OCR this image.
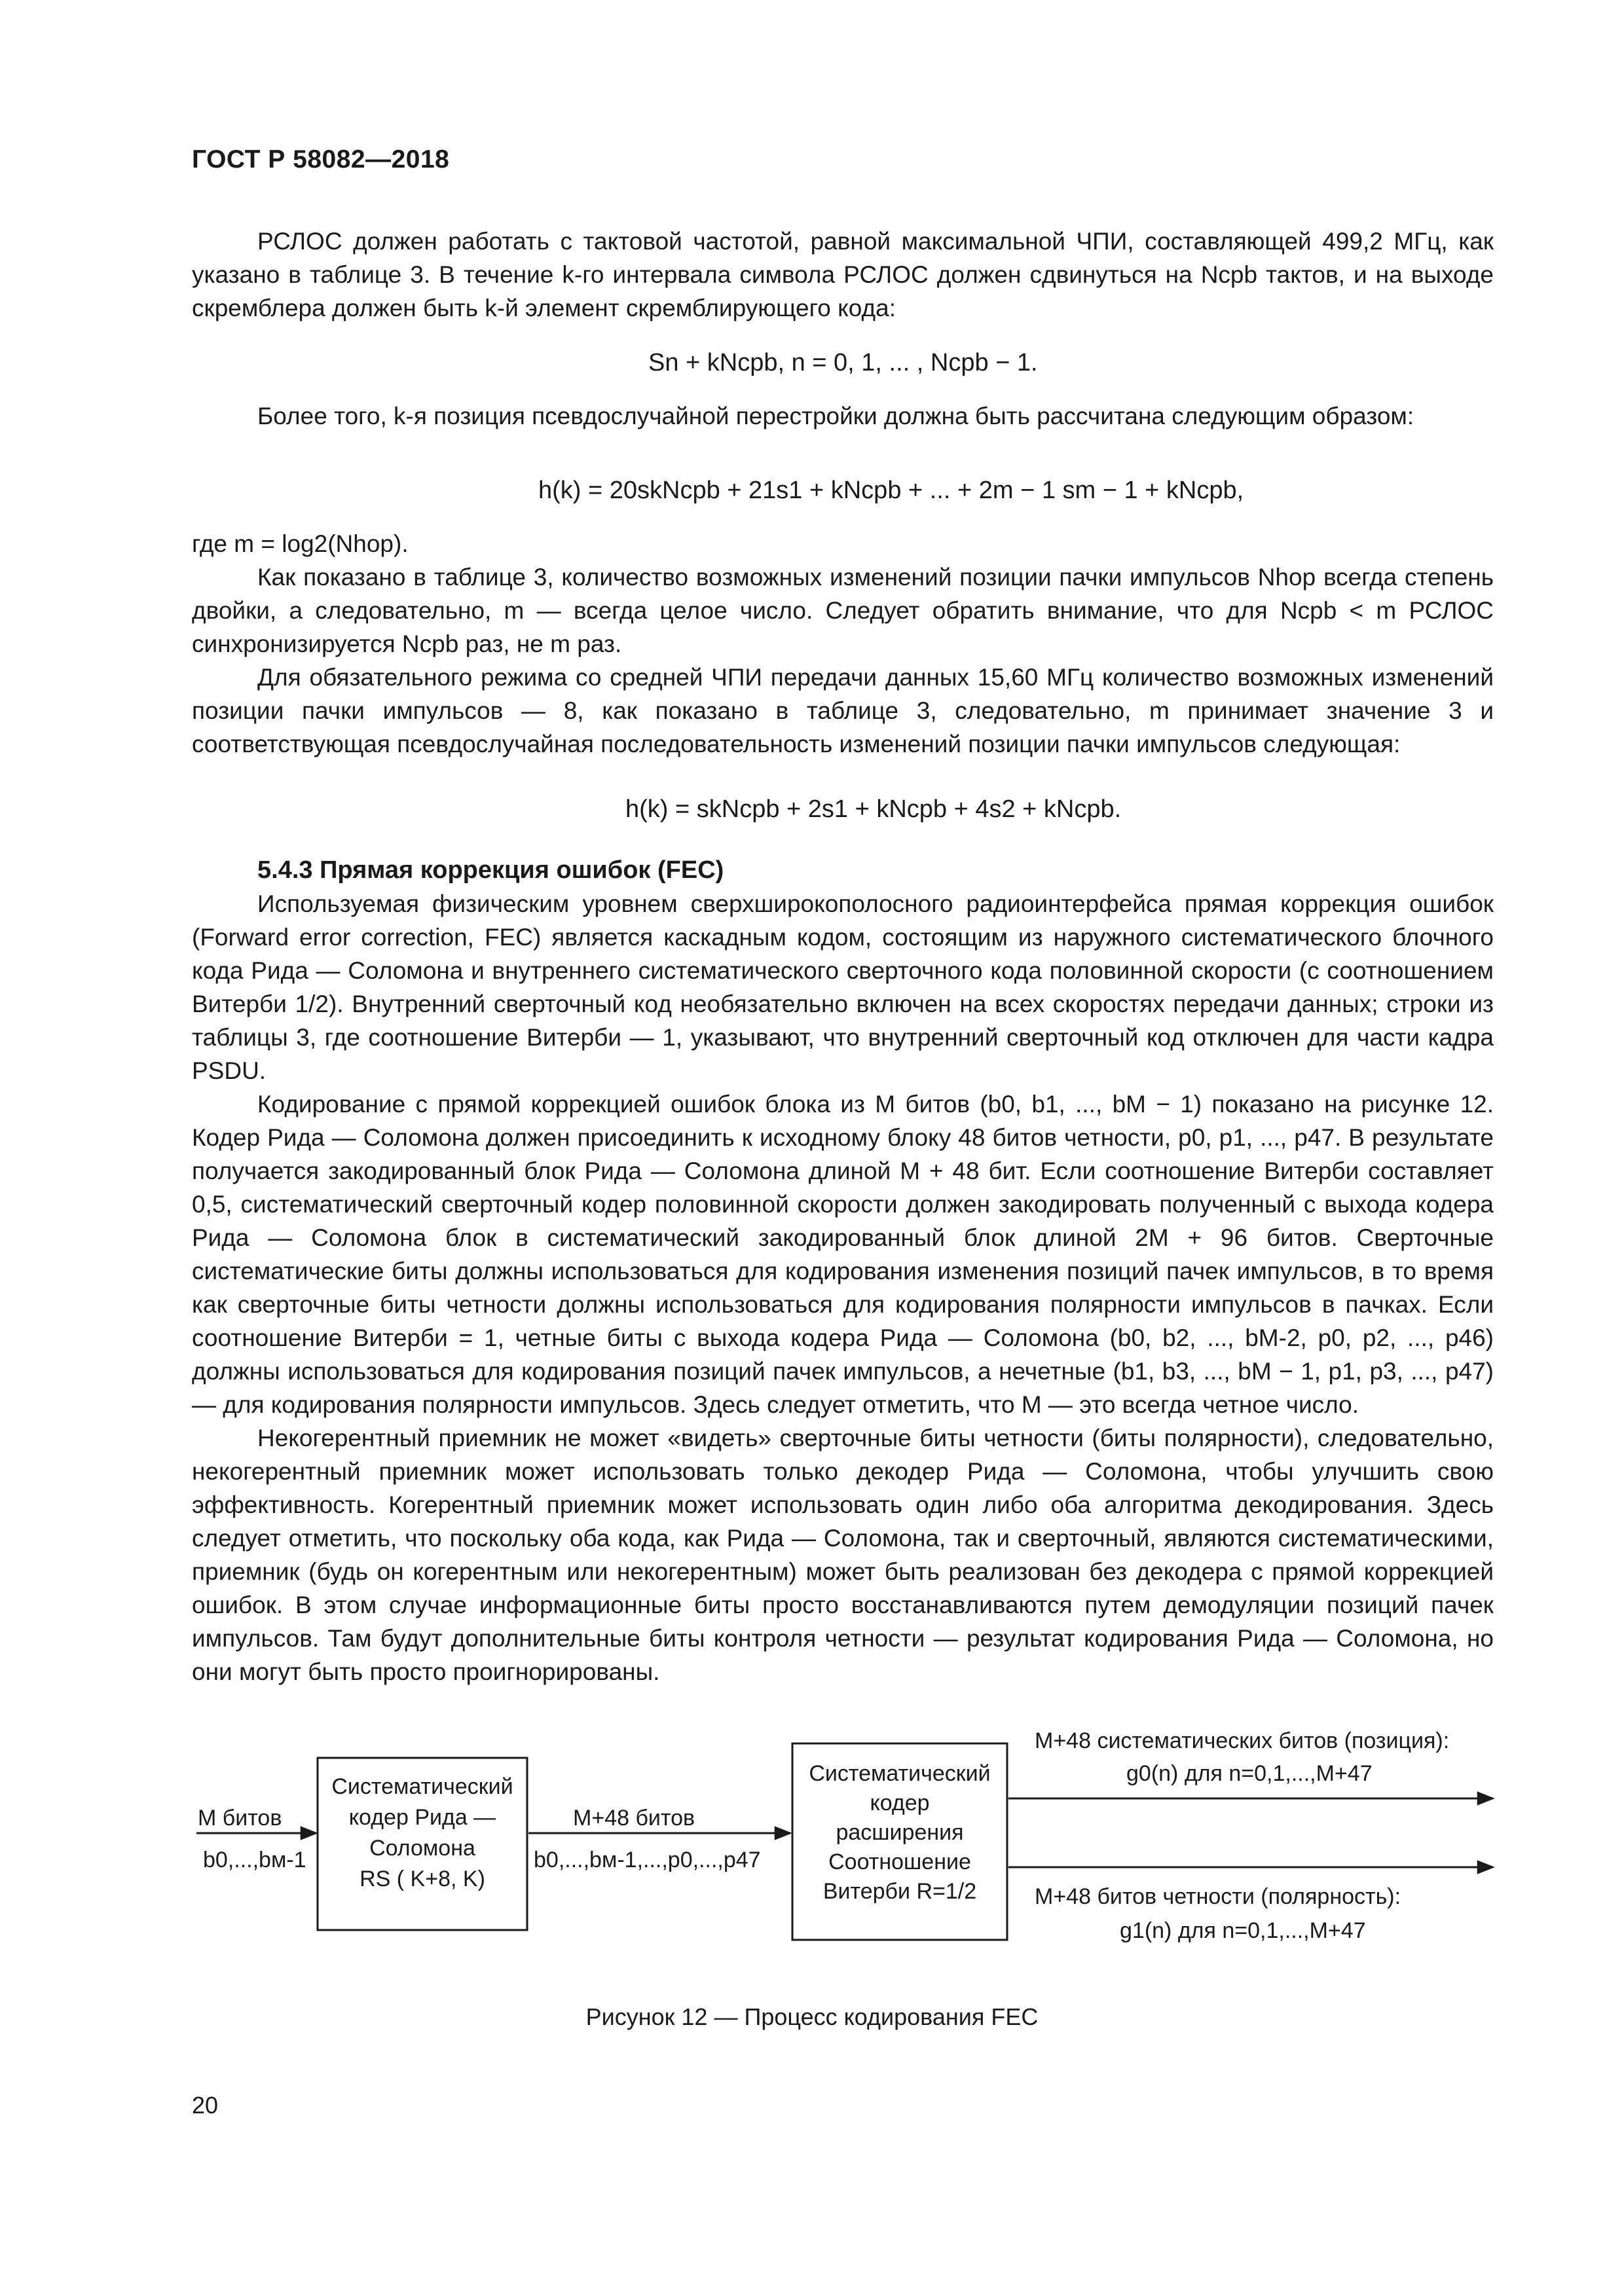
ГОСТ Р 58082—2018

РСЛОС должен работать с тактовой частотой, равной максимальной ЧПИ, составляющей 499,2 МГц, как указано в таблице 3. В течение k-го интервала символа РСЛОС должен сдвинуться на Ncpb тактов, и на выходе скремблера должен быть k-й элемент скремблирующего кода:

Sn + kNcpb, n = 0, 1, ... , Ncpb − 1.

Более того, k-я позиция псевдослучайной перестройки должна быть рассчитана следующим образом:

h(k) = 20skNcpb + 21s1 + kNcpb + ... + 2m − 1 sm − 1 + kNcpb,

где m = log2(Nhop).

Как показано в таблице 3, количество возможных изменений позиции пачки импульсов Nhop всегда степень двойки, а следовательно, m — всегда целое число. Следует обратить внимание, что для Ncpb < m РСЛОС синхронизируется Ncpb раз, не m раз.

Для обязательного режима со средней ЧПИ передачи данных 15,60 МГц количество возможных изменений позиции пачки импульсов — 8, как показано в таблице 3, следовательно, m принимает значение 3 и соответствующая псевдослучайная последовательность изменений позиции пачки импульсов следующая:

h(k) = skNcpb + 2s1 + kNcpb + 4s2 + kNcpb.
5.4.3 Прямая коррекция ошибок (FEC)

Используемая физическим уровнем сверхширокополосного радиоинтерфейса прямая коррекция ошибок (Forward error correction, FEC) является каскадным кодом, состоящим из наружного систематического блочного кода Рида — Соломона и внутреннего систематического сверточного кода половинной скорости (с соотношением Витерби 1/2). Внутренний сверточный код необязательно включен на всех скоростях передачи данных; строки из таблицы 3, где соотношение Витерби — 1, указывают, что внутренний сверточный код отключен для части кадра PSDU.

Кодирование с прямой коррекцией ошибок блока из M битов (b0, b1, ..., bM − 1) показано на рисунке 12. Кодер Рида — Соломона должен присоединить к исходному блоку 48 битов четности, p0, p1, ..., p47. В результате получается закодированный блок Рида — Соломона длиной M + 48 бит. Если соотношение Витерби составляет 0,5, систематический сверточный кодер половинной скорости должен закодировать полученный с выхода кодера Рида — Соломона блок в систематический закодированный блок длиной 2M + 96 битов. Сверточные систематические биты должны использоваться для кодирования изменения позиций пачек импульсов, в то время как сверточные биты четности должны использоваться для кодирования полярности импульсов в пачках. Если соотношение Витерби = 1, четные биты с выхода кодера Рида — Соломона (b0, b2, ..., bM-2, p0, p2, ..., p46) должны использоваться для кодирования позиций пачек импульсов, а нечетные (b1, b3, ..., bM − 1, p1, p3, ..., p47) — для кодирования полярности импульсов. Здесь следует отметить, что M — это всегда четное число.

Некогерентный приемник не может «видеть» сверточные биты четности (биты полярности), следовательно, некогерентный приемник может использовать только декодер Рида — Соломона, чтобы улучшить свою эффективность. Когерентный приемник может использовать один либо оба алгоритма декодирования. Здесь следует отметить, что поскольку оба кода, как Рида — Соломона, так и сверточный, являются систематическими, приемник (будь он когерентным или некогерентным) может быть реализован без декодера с прямой коррекцией ошибок. В этом случае информационные биты просто восстанавливаются путем демодуляции позиций пачек импульсов. Там будут дополнительные биты контроля четности — результат кодирования Рида — Соломона, но они могут быть просто проигнорированы.

M битов
b0,...,bм-1
Систематический
кодер Рида —
Соломона
RS ( K+8, K)
M+48 битов
b0,...,bм-1,...,p0,...,p47
Систематический
кодер
расширения
Соотношение
Витерби R=1/2
M+48 систематических битов (позиция):
g0(n) для n=0,1,...,M+47
M+48 битов четности (полярность):
g1(n) для n=0,1,...,M+47
Рисунок 12 — Процесс кодирования FEC
20
